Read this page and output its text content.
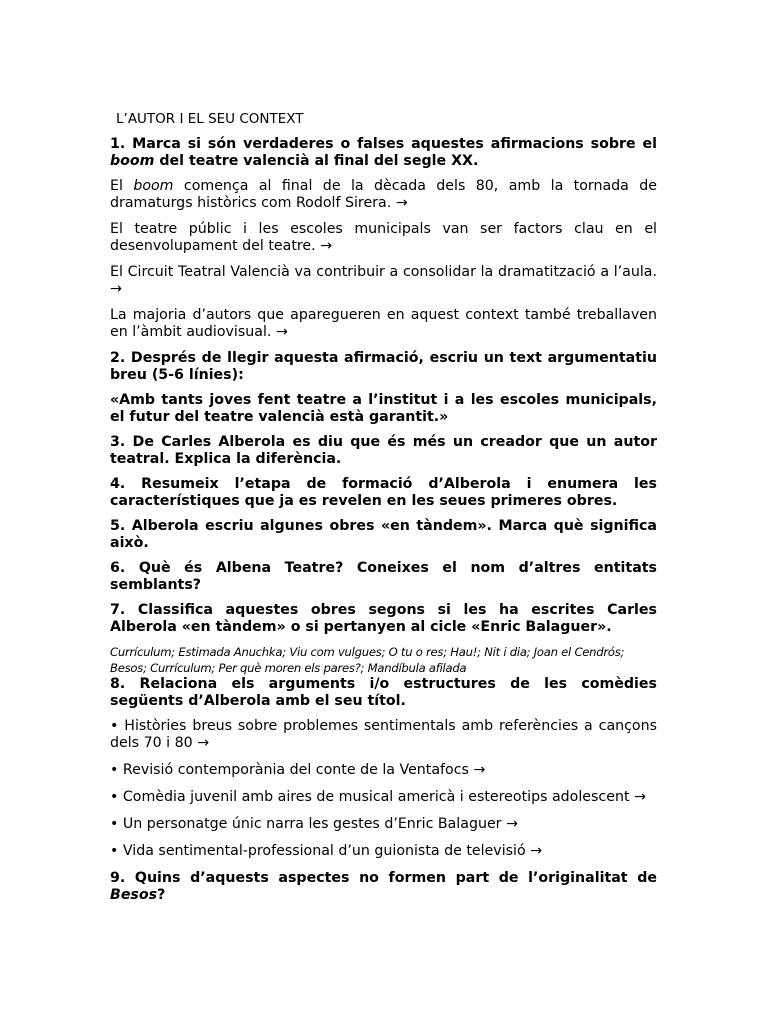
L’AUTOR I EL SEU CONTEXT
1. Marca si són verdaderes o falses aquestes afirmacions sobre el boom del teatre valencià al final del segle XX.
El boom comença al final de la dècada dels 80, amb la tornada de dramaturgs històrics com Rodolf Sirera. →
El teatre públic i les escoles municipals van ser factors clau en el desenvolupament del teatre. →
El Circuit Teatral Valencià va contribuir a consolidar la dramatització a l’aula. →
La majoria d’autors que aparegueren en aquest context també treballaven en l’àmbit audiovisual. →
2. Després de llegir aquesta afirmació, escriu un text argumentatiu breu (5-6 línies):
«Amb tants joves fent teatre a l’institut i a les escoles municipals, el futur del teatre valencià està garantit.»
3. De Carles Alberola es diu que és més un creador que un autor teatral. Explica la diferència.
4. Resumeix l’etapa de formació d’Alberola i enumera les característiques que ja es revelen en les seues primeres obres.
5. Alberola escriu algunes obres «en tàndem». Marca què significa això.
6. Què és Albena Teatre? Coneixes el nom d’altres entitats semblants?
7. Classifica aquestes obres segons si les ha escrites Carles Alberola «en tàndem» o si pertanyen al cicle «Enric Balaguer».
Currículum; Estimada Anuchka; Viu com vulgues; O tu o res; Hau!; Nit i dia; Joan el Cendrós;
Besos; Currículum; Per què moren els pares?; Mandíbula afilada
8. Relaciona els arguments i/o estructures de les comèdies següents d’Alberola amb el seu títol.
• Històries breus sobre problemes sentimentals amb referències a cançons dels 70 i 80 →
• Revisió contemporània del conte de la Ventafocs →
• Comèdia juvenil amb aires de musical americà i estereotips adolescent →
• Un personatge únic narra les gestes d’Enric Balaguer →
• Vida sentimental-professional d’un guionista de televisió →
9. Quins d’aquests aspectes no formen part de l’originalitat de Besos?
